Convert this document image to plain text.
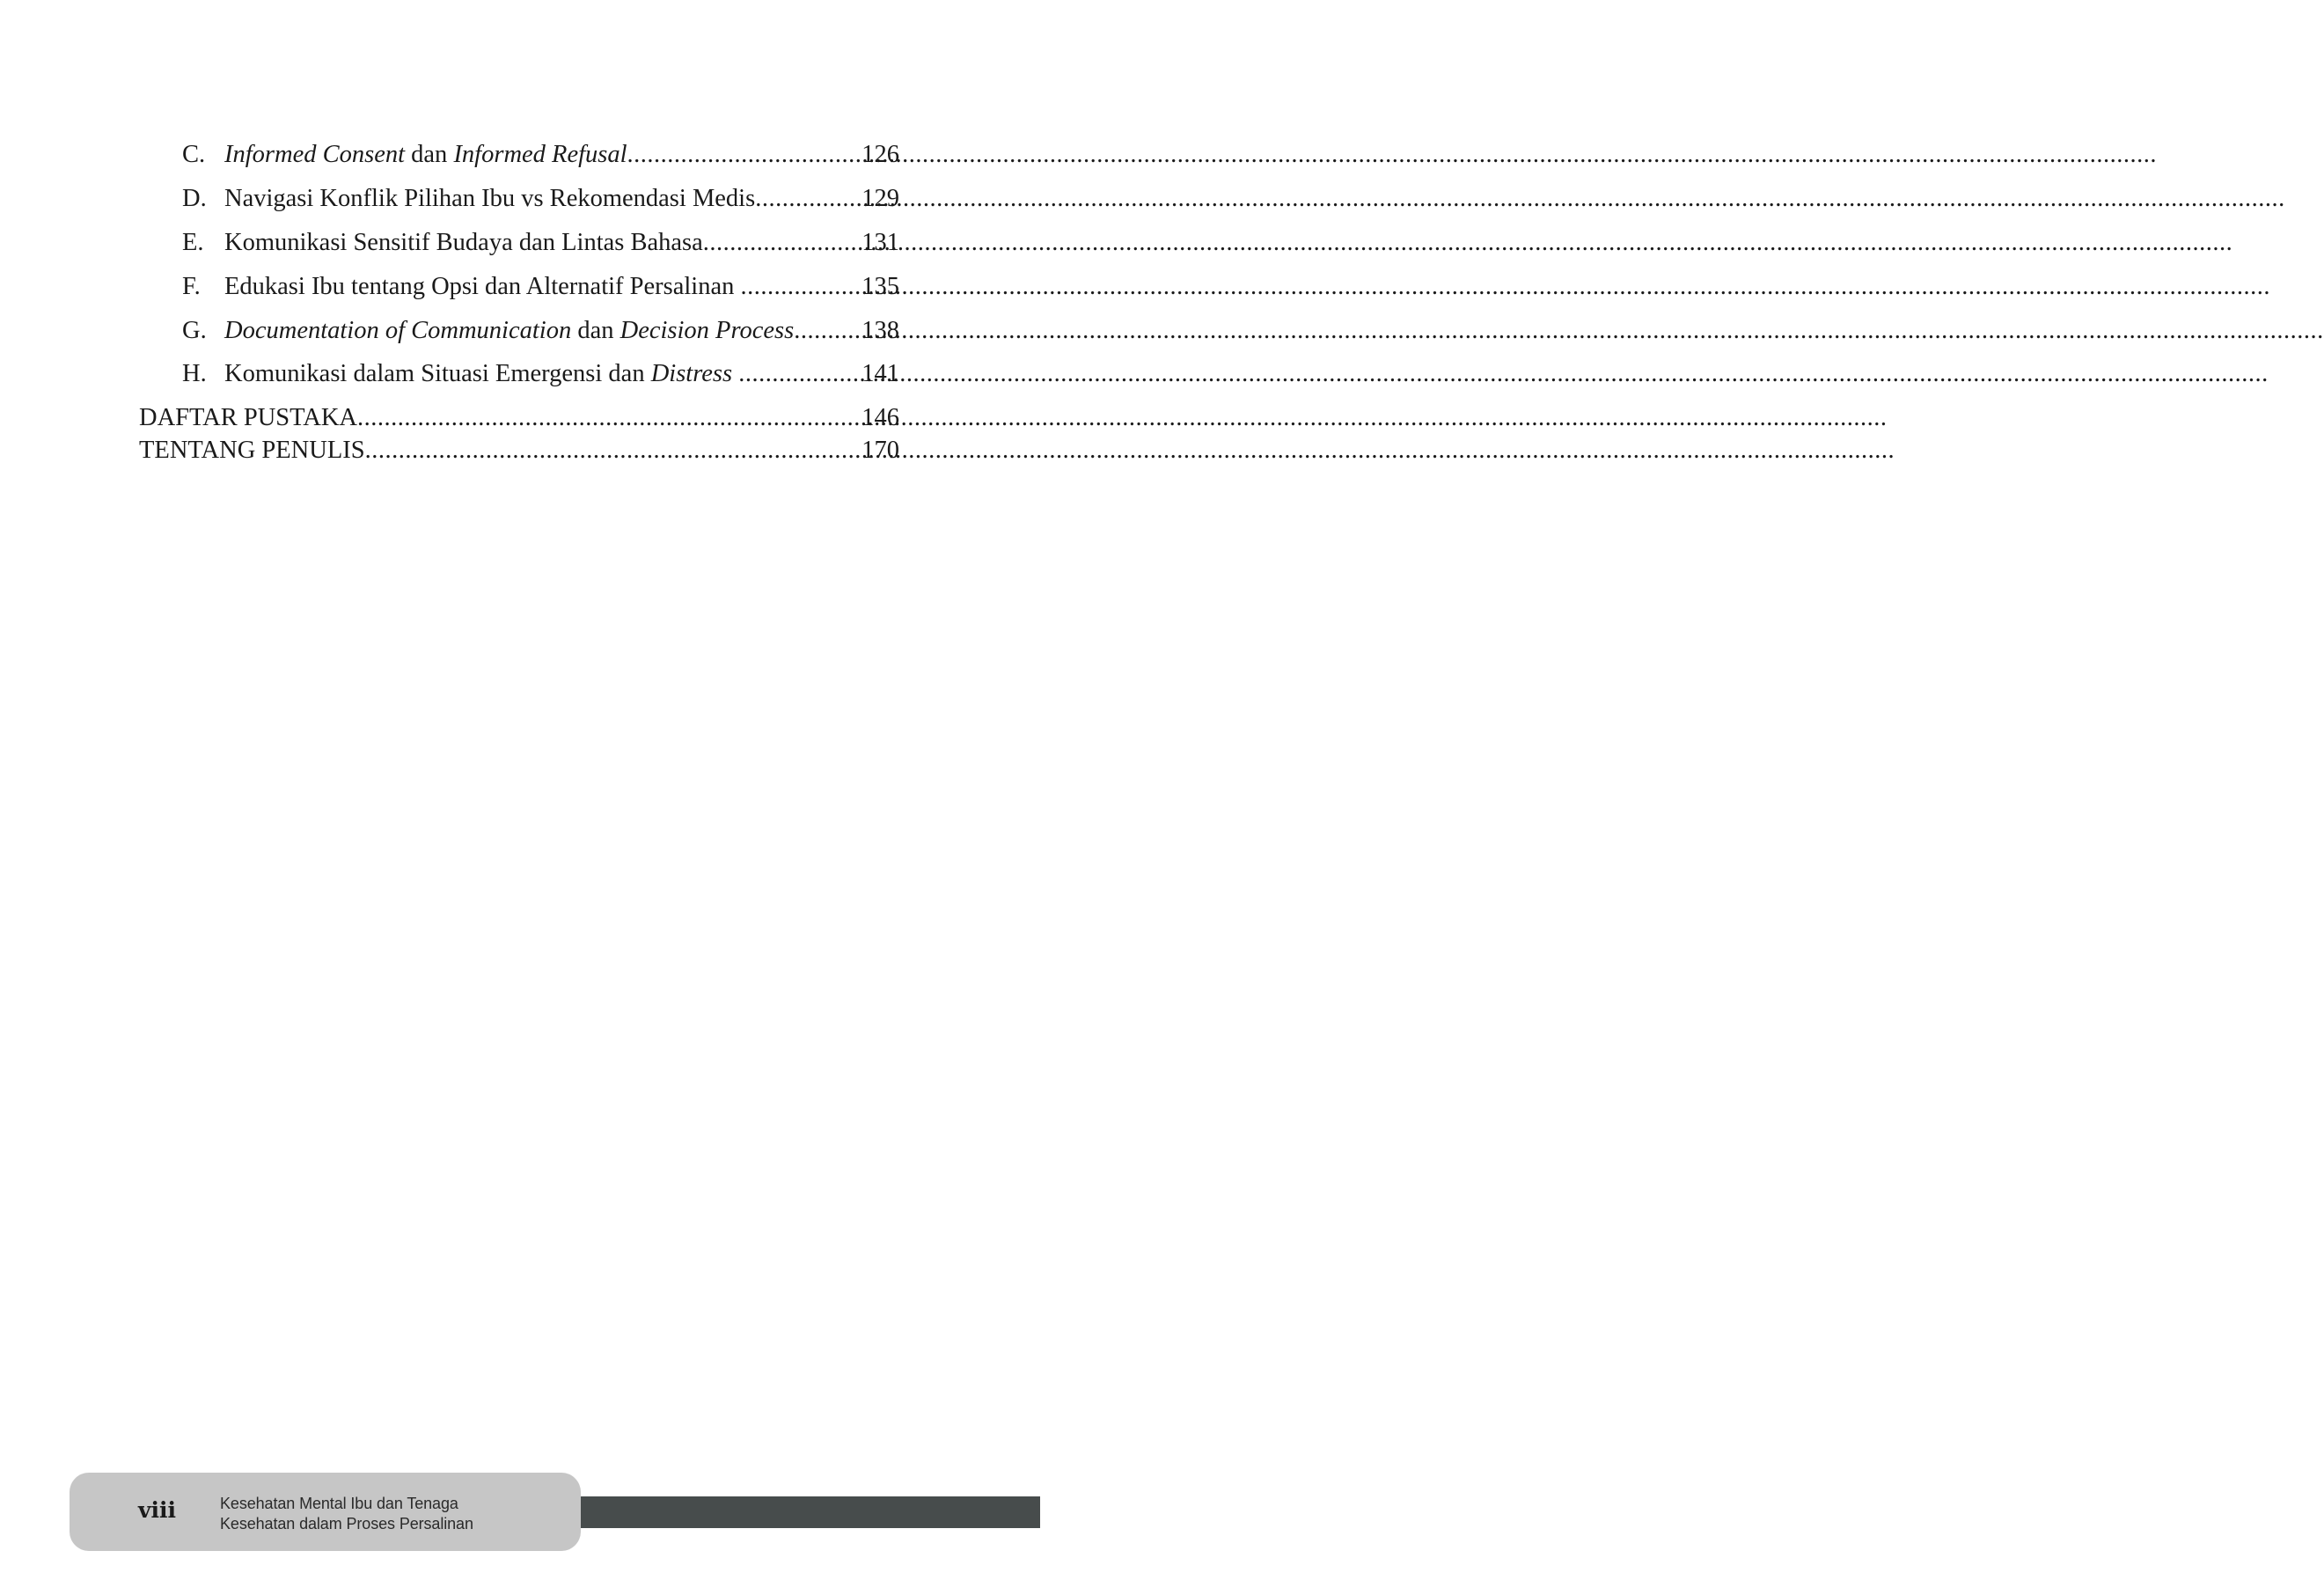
C. Informed Consent dan Informed Refusal .....	126
D. Navigasi Konflik Pilihan Ibu vs Rekomendasi Medis .....	129
E. Komunikasi Sensitif Budaya dan Lintas Bahasa .....	131
F. Edukasi Ibu tentang Opsi dan Alternatif Persalinan .....	135
G. Documentation of Communication dan Decision Process .....	138
H. Komunikasi dalam Situasi Emergensi dan Distress .....	141
DAFTAR PUSTAKA .....	146
TENTANG PENULIS .....	170
viii	Kesehatan Mental Ibu dan Tenaga
Kesehatan dalam Proses Persalinan
